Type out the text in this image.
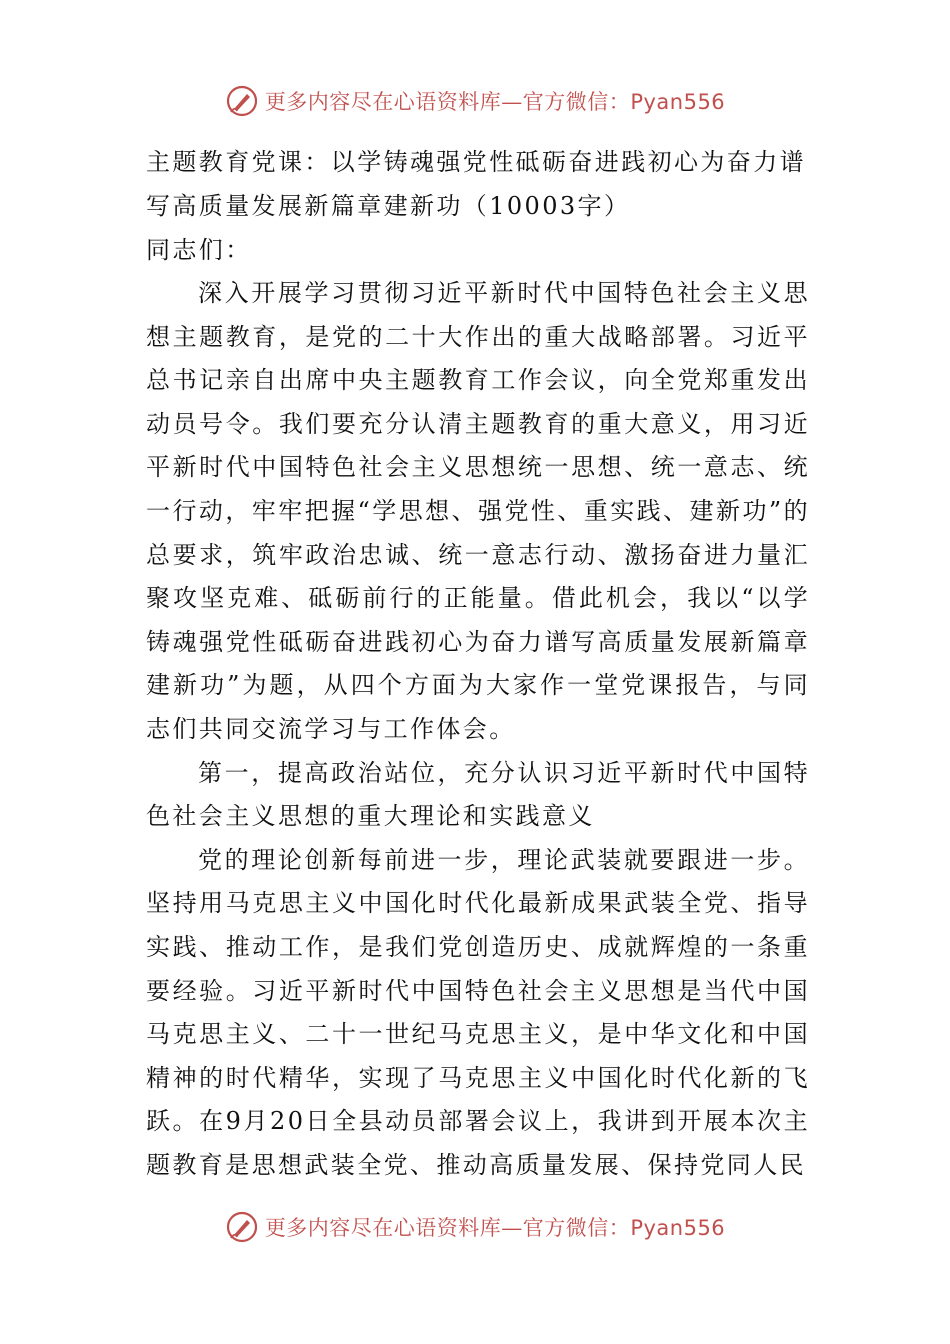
更多内容尽在心语资料库—官方微信：Pyan556
主题教育党课：以学铸魂强党性砥砺奋进践初心为奋力谱写高质量发展新篇章建新功（10003字）

同志们：

深入开展学习贯彻习近平新时代中国特色社会主义思想主题教育，是党的二十大作出的重大战略部署。习近平总书记亲自出席中央主题教育工作会议，向全党郑重发出动员号令。我们要充分认清主题教育的重大意义，用习近平新时代中国特色社会主义思想统一思想、统一意志、统一行动，牢牢把握“学思想、强党性、重实践、建新功”的总要求，筑牢政治忠诚、统一意志行动、激扬奋进力量汇聚攻坚克难、砥砺前行的正能量。借此机会，我以“以学铸魂强党性砥砺奋进践初心为奋力谱写高质量发展新篇章建新功”为题，从四个方面为大家作一堂党课报告，与同志们共同交流学习与工作体会。

第一，提高政治站位，充分认识习近平新时代中国特色社会主义思想的重大理论和实践意义

党的理论创新每前进一步，理论武装就要跟进一步。坚持用马克思主义中国化时代化最新成果武装全党、指导实践、推动工作，是我们党创造历史、成就辉煌的一条重要经验。习近平新时代中国特色社会主义思想是当代中国马克思主义、二十一世纪马克思主义，是中华文化和中国精神的时代精华，实现了马克思主义中国化时代化新的飞跃。在9月20日全县动员部署会议上，我讲到开展本次主题教育是思想武装全党、推动高质量发展、保持党同人民

更多内容尽在心语资料库—官方微信：Pyan556
